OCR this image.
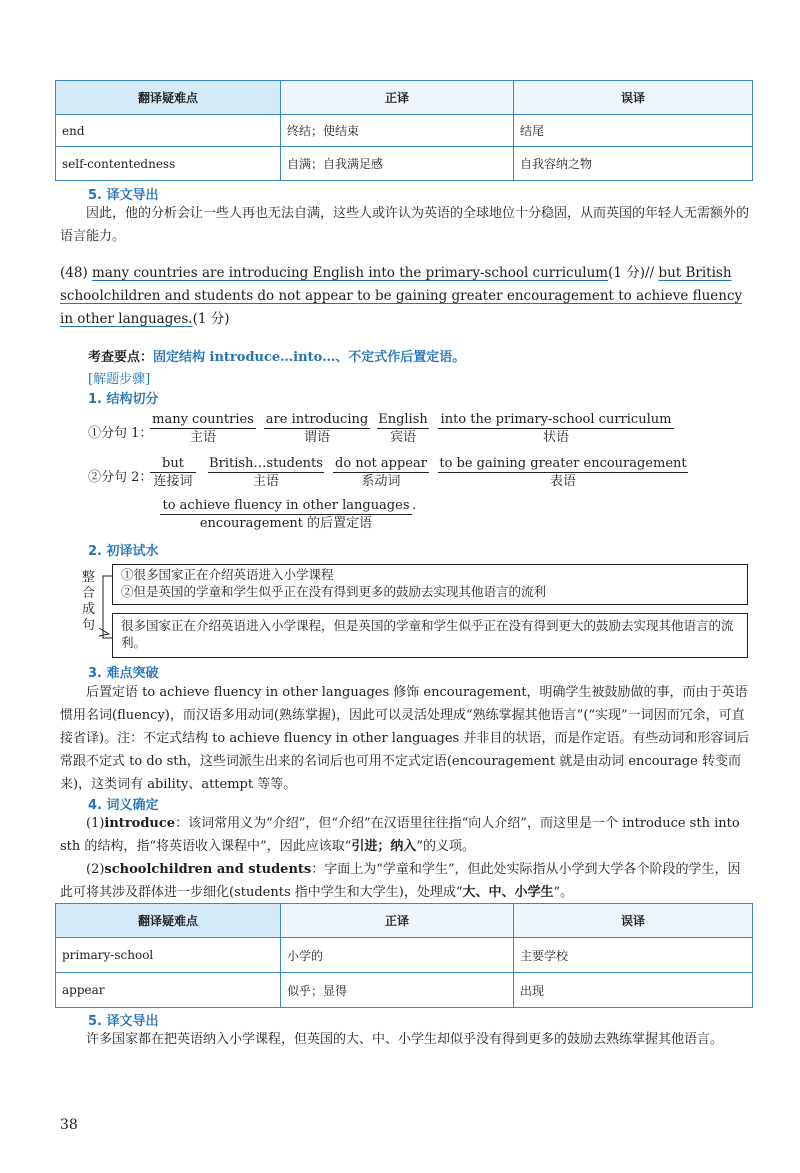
翻译疑难点	正译	误译
end	终结；使结束	结尾
self-contentedness	自满；自我满足感	自我容纳之物
5. 译文导出
因此，他的分析会让一些人再也无法自满，这些人或许认为英语的全球地位十分稳固，从而英国的年轻人无需额外的语言能力。
(48) many countries are introducing English into the primary-school curriculum(1 分)// but British schoolchildren and students do not appear to be gaining greater encouragement to achieve fluency in other languages.(1 分)
考查要点：固定结构 introduce…into…、不定式作后置定语。
[解题步骤]
1. 结构切分
①分句 1：
many countries
主语
are introducing
谓语
English
宾语
into the primary-school curriculum
状语
②分句 2：
but
连接词
British…students
主语
do not appear
系动词
to be gaining greater encouragement
表语
to achieve fluency in other languages
encouragement 的后置定语
.
2. 初译试水
整合成句
①很多国家正在介绍英语进入小学课程
②但是英国的学童和学生似乎正在没有得到更多的鼓励去实现其他语言的流利
很多国家正在介绍英语进入小学课程，但是英国的学童和学生似乎正在没有得到更大的鼓励去实现其他语言的流利。
3. 难点突破
后置定语 to achieve fluency in other languages 修饰 encouragement，明确学生被鼓励做的事，而由于英语惯用名词(fluency)，而汉语多用动词(熟练掌握)，因此可以灵活处理成“熟练掌握其他语言”(“实现”一词因而冗余，可直接省译)。注：不定式结构 to achieve fluency in other languages 并非目的状语，而是作定语。有些动词和形容词后常跟不定式 to do sth，这些词派生出来的名词后也可用不定式定语(encouragement 就是由动词 encourage 转变而来)，这类词有 ability、attempt 等等。
4. 词义确定
(1)introduce：该词常用义为“介绍”，但“介绍”在汉语里往往指“向人介绍”，而这里是一个 introduce sth into sth 的结构，指“将英语收入课程中”，因此应该取“引进；纳入”的义项。
(2)schoolchildren and students：字面上为“学童和学生”，但此处实际指从小学到大学各个阶段的学生，因此可将其涉及群体进一步细化(students 指中学生和大学生)，处理成“大、中、小学生”。
翻译疑难点	正译	误译
primary-school	小学的	主要学校
appear	似乎；显得	出现
5. 译文导出
许多国家都在把英语纳入小学课程，但英国的大、中、小学生却似乎没有得到更多的鼓励去熟练掌握其他语言。
38
